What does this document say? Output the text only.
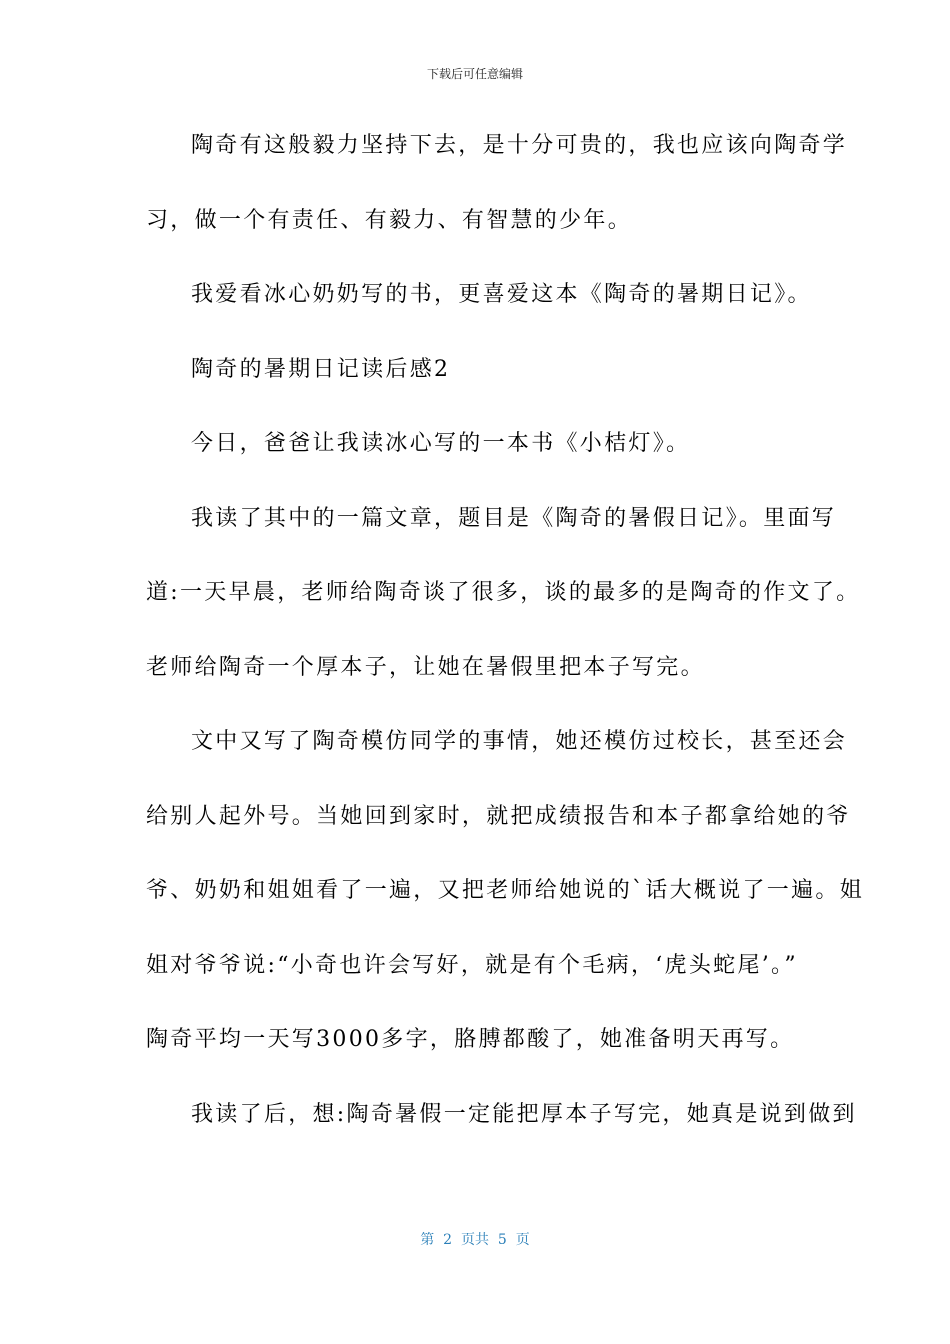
下载后可任意编辑
陶奇有这般毅力坚持下去，是十分可贵的，我也应该向陶奇学
习，做一个有责任、有毅力、有智慧的少年。
我爱看冰心奶奶写的书，更喜爱这本《陶奇的暑期日记》。
陶奇的暑期日记读后感2
今日，爸爸让我读冰心写的一本书《小桔灯》。
我读了其中的一篇文章，题目是《陶奇的暑假日记》。里面写
道:一天早晨，老师给陶奇谈了很多，谈的最多的是陶奇的作文了。
老师给陶奇一个厚本子，让她在暑假里把本子写完。
文中又写了陶奇模仿同学的事情，她还模仿过校长，甚至还会
给别人起外号。当她回到家时，就把成绩报告和本子都拿给她的爷
爷、奶奶和姐姐看了一遍，又把老师给她说的`话大概说了一遍。姐
姐对爷爷说:“小奇也许会写好，就是有个毛病，‘虎头蛇尾’。”
陶奇平均一天写3000多字，胳膊都酸了，她准备明天再写。
我读了后，想:陶奇暑假一定能把厚本子写完，她真是说到做到
第  2  页共  5  页
